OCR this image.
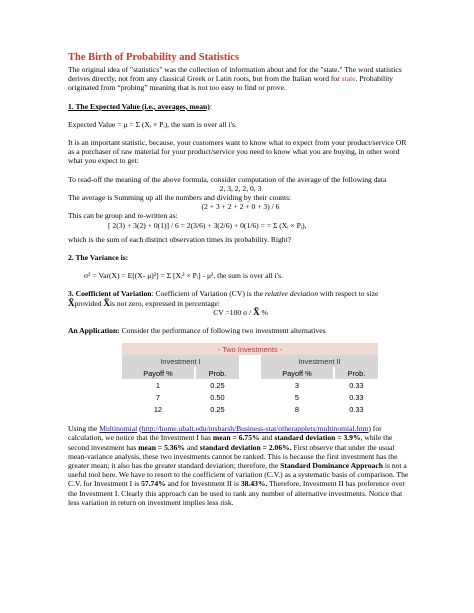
The Birth of Probability and Statistics

The original idea of "statistics" was the collection of information about and for the "state." The word statistics derives directly, not from any classical Greek or Latin roots, but from the Italian word for state. Probability originated from “probing” meaning that is not too easy to find or prove.

1. The Expected Value (i.e., averages, mean):

Expected Value = μ = Σ (Xᵢ × Pᵢ), the sum is over all i's.

It is an important statistic, because, your customers want to know what to expect from your product/service OR as a purchaser of raw material for your product/service you need to know what you are buying, in other word what you expect to get:

To read-off the meaning of the above formula, consider computation of the average of the following data

2, 3, 2, 2, 0, 3

The average is Summing up all the numbers and dividing by their counts:

(2 + 3 + 2 + 2 + 0 + 3) / 6

This can be group and re-written as:

[ 2(3) + 3(2) + 0(1)] / 6 = 2(3/6) + 3(2/6) + 0(1/6) = = Σ (Xᵢ × Pᵢ),

which is the sum of each distinct observation times its probability. Right?

2. The Variance is:

σ² = Var(X) = E[(X- μ)²] = Σ [Xᵢ² × Pᵢ] - μ², the sum is over all i's.

3. Coefficient of Variation: Coefficient of Variation (CV) is the relative deviation with respect to size

X̄provided X̄is not zero, expressed in percentage:

CV =100 σ / X̄ %

An Application: Consider the performance of following two investment alternatives

- Two Investments -				
Investment I			Investment II	
Payoff %	Prob.		Payoff %	Prob.
1	0.25		3	0.33
7	0.50		5	0.33
12	0.25		8	0.33

Using the Multinomial (http://home.ubalt.edu/ntsbarsh/Business-stat/otherapplets/multinomial.htm) for calculation, we notice that the Investment I has mean = 6.75% and standard deviation = 3.9%, while the second investment has mean = 5.36% and standard deviation = 2.06%. First observe that under the usual mean-variance analysis, these two investments cannot be ranked. This is because the first investment has the greater mean; it also has the greater standard deviation; therefore, the Standard Dominance Approach is not a useful tool here. We have to resort to the coefficient of variation (C.V.) as a systematic basis of comparison. The C.V. for Investment I is 57.74% and for Investment II is 38.43%. Therefore, Investment II has preference over the Investment I. Clearly this approach can be used to rank any number of alternative investments. Notice that less variation in return on investment implies less risk.
